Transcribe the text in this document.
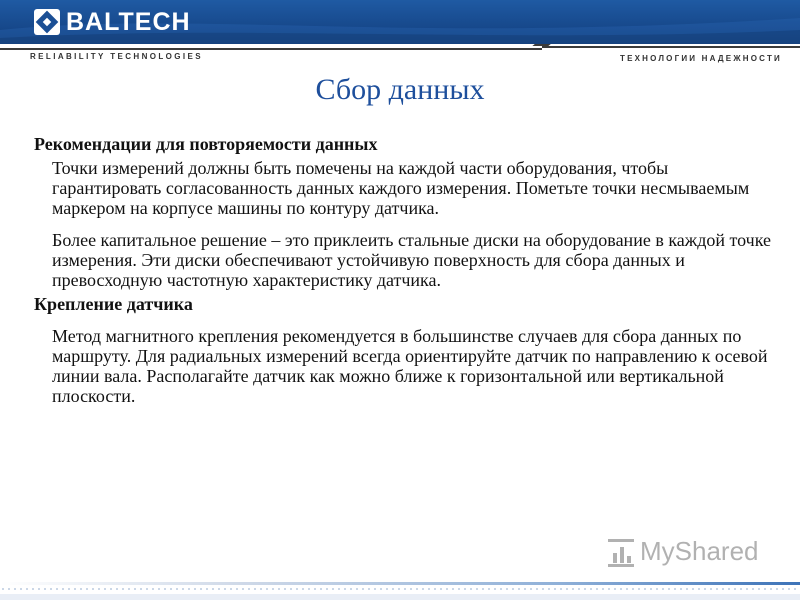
BALTECH
RELIABILITY TECHNOLOGIES	ТЕХНОЛОГИИ НАДЕЖНОСТИ
Сбор данных

Рекомендации для повторяемости данных

Точки измерений должны быть помечены на каждой части оборудования, чтобы гарантировать согласованность данных каждого измерения. Пометьте точки несмываемым маркером на корпусе машины по контуру датчика.

Более капитальное решение – это приклеить стальные диски на оборудование в каждой точке измерения. Эти диски обеспечивают устойчивую поверхность для сбора данных и превосходную частотную характеристику датчика.

Крепление датчика

Метод магнитного крепления рекомендуется в большинстве случаев для сбора данных по маршруту. Для радиальных измерений всегда ориентируйте датчик по направлению к осевой линии вала. Располагайте датчик как можно ближе к горизонтальной или вертикальной плоскости.

MyShared
